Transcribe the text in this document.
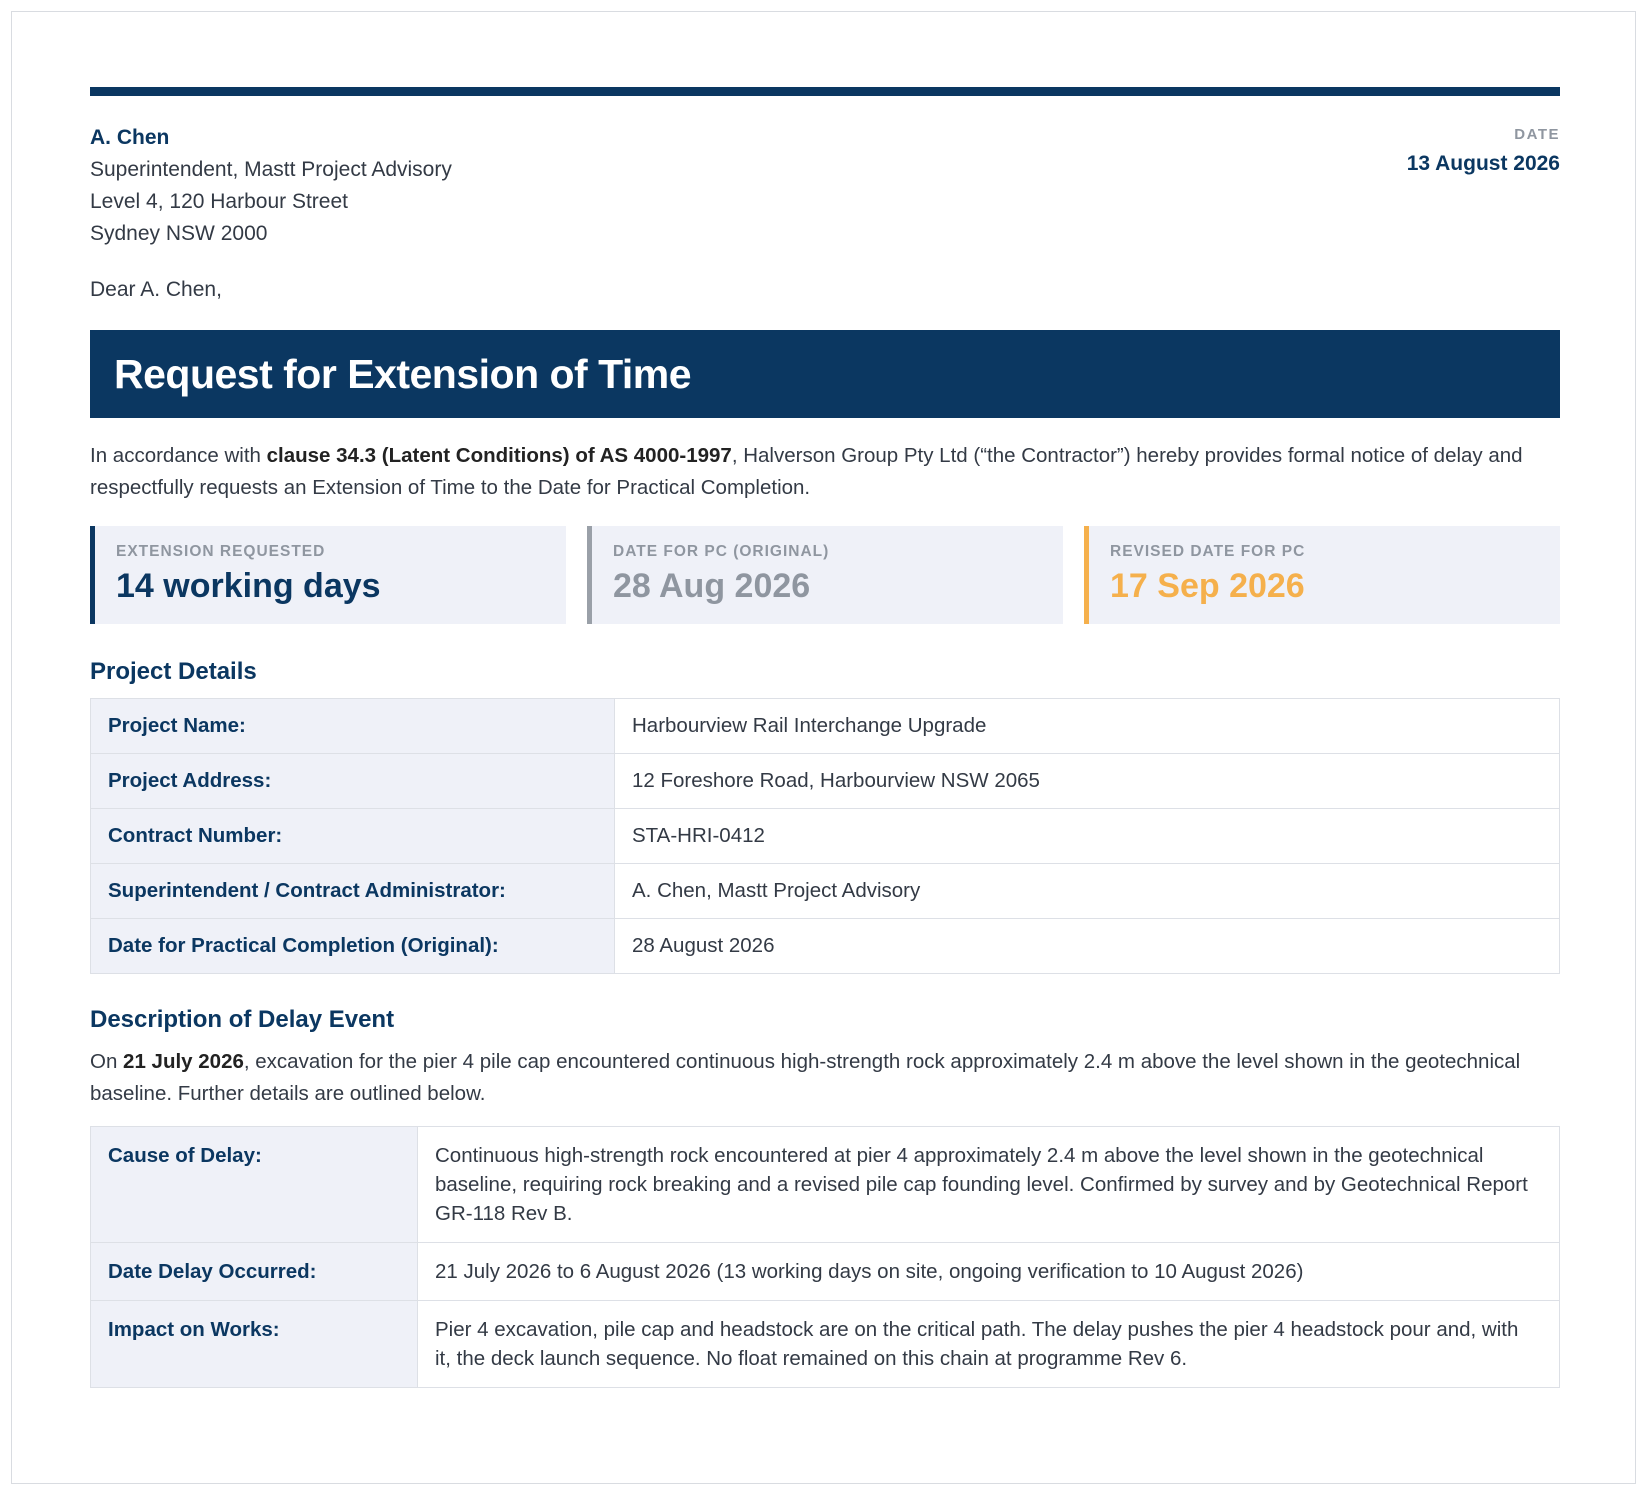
A. Chen
Superintendent, Mastt Project Advisory
Level 4, 120 Harbour Street
Sydney NSW 2000
DATE
13 August 2026
Dear A. Chen,
Request for Extension of Time

In accordance with clause 34.3 (Latent Conditions) of AS 4000-1997, Halverson Group Pty Ltd (“the Contractor”) hereby provides formal notice of delay and respectfully requests an Extension of Time to the Date for Practical Completion.

EXTENSION REQUESTED
14 working days
DATE FOR PC (ORIGINAL)
28 Aug 2026
REVISED DATE FOR PC
17 Sep 2026
Project Details
Project Name:	Harbourview Rail Interchange Upgrade
Project Address:	12 Foreshore Road, Harbourview NSW 2065
Contract Number:	STA-HRI-0412
Superintendent / Contract Administrator:	A. Chen, Mastt Project Advisory
Date for Practical Completion (Original):	28 August 2026
Description of Delay Event

On 21 July 2026, excavation for the pier 4 pile cap encountered continuous high-strength rock approximately 2.4 m above the level shown in the geotechnical baseline. Further details are outlined below.

Cause of Delay:	Continuous high-strength rock encountered at pier 4 approximately 2.4 m above the level shown in the geotechnical baseline, requiring rock breaking and a revised pile cap founding level. Confirmed by survey and by Geotechnical Report GR-118 Rev B.
Date Delay Occurred:	21 July 2026 to 6 August 2026 (13 working days on site, ongoing verification to 10 August 2026)
Impact on Works:	Pier 4 excavation, pile cap and headstock are on the critical path. The delay pushes the pier 4 headstock pour and, with it, the deck launch sequence. No float remained on this chain at programme Rev 6.
